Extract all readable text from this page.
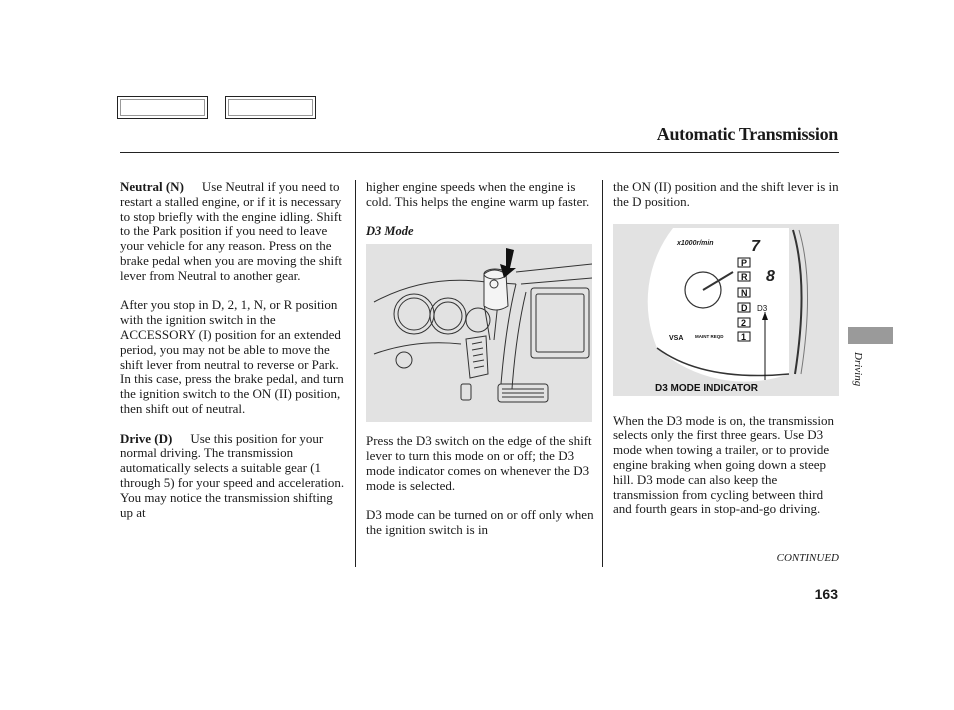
Automatic Transmission

Neutral (N) Use Neutral if you need to restart a stalled engine, or if it is necessary to stop briefly with the engine idling. Shift to the Park position if you need to leave your vehicle for any reason. Press on the brake pedal when you are moving the shift lever from Neutral to another gear.

After you stop in D, 2, 1, N, or R position with the ignition switch in the ACCESSORY (I) position for an extended period, you may not be able to move the shift lever from neutral to reverse or Park. In this case, press the brake pedal, and turn the ignition switch to the ON (II) position, then shift out of neutral.

Drive (D) Use this position for your normal driving. The transmission automatically selects a suitable gear (1 through 5) for your speed and acceleration. You may notice the transmission shifting up at

higher engine speeds when the engine is cold. This helps the engine warm up faster.

D3 Mode

Press the D3 switch on the edge of the shift lever to turn this mode on or off; the D3 mode indicator comes on whenever the D3 mode is selected.

D3 mode can be turned on or off only when the ignition switch is in

the ON (II) position and the shift lever is in the D position.

x1000r/min 7
8
P
R
N
D
2
1
D3
VSA	MAINT REQD
D3 MODE INDICATOR

When the D3 mode is on, the transmission selects only the first three gears. Use D3 mode when towing a trailer, or to provide engine braking when going down a steep hill. D3 mode can also keep the transmission from cycling between third and fourth gears in stop-and-go driving.

CONTINUED
163
Driving
